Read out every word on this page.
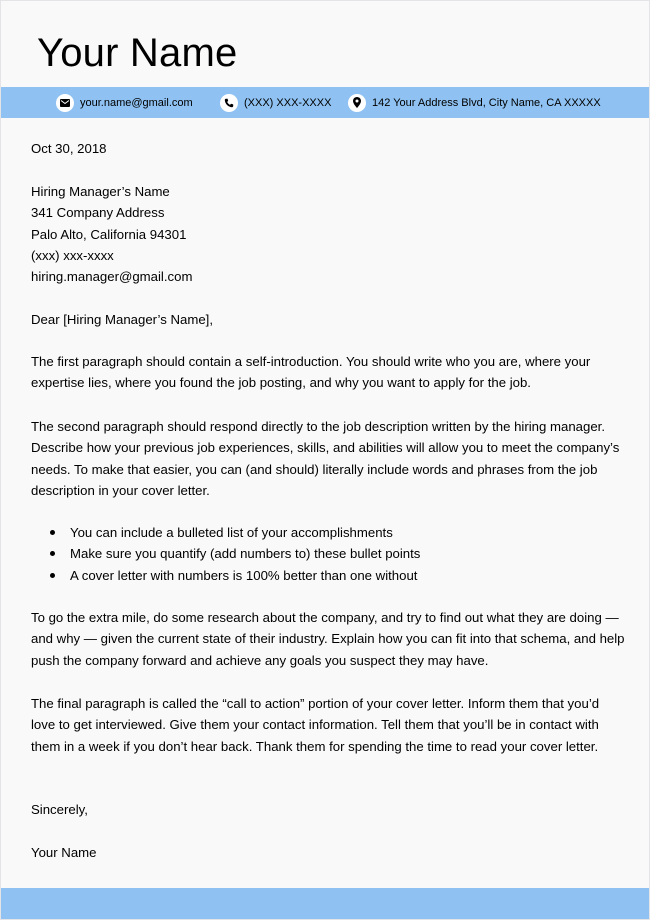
Your Name
your.name@gmail.com	(XXX) XXX-XXXX	142 Your Address Blvd, City Name, CA XXXXX
Oct 30, 2018

Hiring Manager’s Name

341 Company Address

Palo Alto, California 94301

(xxx) xxx-xxxx

hiring.manager@gmail.com

Dear [Hiring Manager’s Name],
The first paragraph should contain a self-introduction. You should write who you are, where your expertise lies, where you found the job posting, and why you want to apply for the job.
The second paragraph should respond directly to the job description written by the hiring manager. Describe how your previous job experiences, skills, and abilities will allow you to meet the company’s needs. To make that easier, you can (and should) literally include words and phrases from the job description in your cover letter.
You can include a bulleted list of your accomplishments
Make sure you quantify (add numbers to) these bullet points
A cover letter with numbers is 100% better than one without
To go the extra mile, do some research about the company, and try to find out what they are doing — and why — given the current state of their industry. Explain how you can fit into that schema, and help push the company forward and achieve any goals you suspect they may have.
The final paragraph is called the “call to action” portion of your cover letter. Inform them that you’d love to get interviewed. Give them your contact information. Tell them that you’ll be in contact with them in a week if you don’t hear back. Thank them for spending the time to read your cover letter.
Sincerely,
Your Name
